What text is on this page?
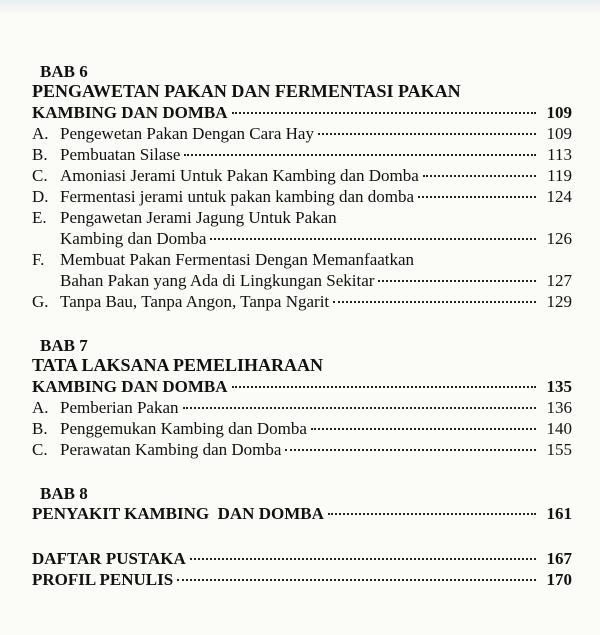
BAB 6
PENGAWETAN PAKAN DAN FERMENTASI PAKAN
KAMBING DAN DOMBA	109
A. Pengewetan Pakan Dengan Cara Hay	109
B. Pembuatan Silase	113
C. Amoniasi Jerami Untuk Pakan Kambing dan Domba	119
D. Fermentasi jerami untuk pakan kambing dan domba	124
E. Pengawetan Jerami Jagung Untuk Pakan
Kambing dan Domba	126
F. Membuat Pakan Fermentasi Dengan Memanfaatkan
Bahan Pakan yang Ada di Lingkungan Sekitar	127
G. Tanpa Bau, Tanpa Angon, Tanpa Ngarit	129
BAB 7
TATA LAKSANA PEMELIHARAAN
KAMBING DAN DOMBA	135
A. Pemberian Pakan	136
B. Penggemukan Kambing dan Domba	140
C. Perawatan Kambing dan Domba	155
BAB 8
PENYAKIT KAMBING  DAN DOMBA	161
DAFTAR PUSTAKA	167
PROFIL PENULIS	170
